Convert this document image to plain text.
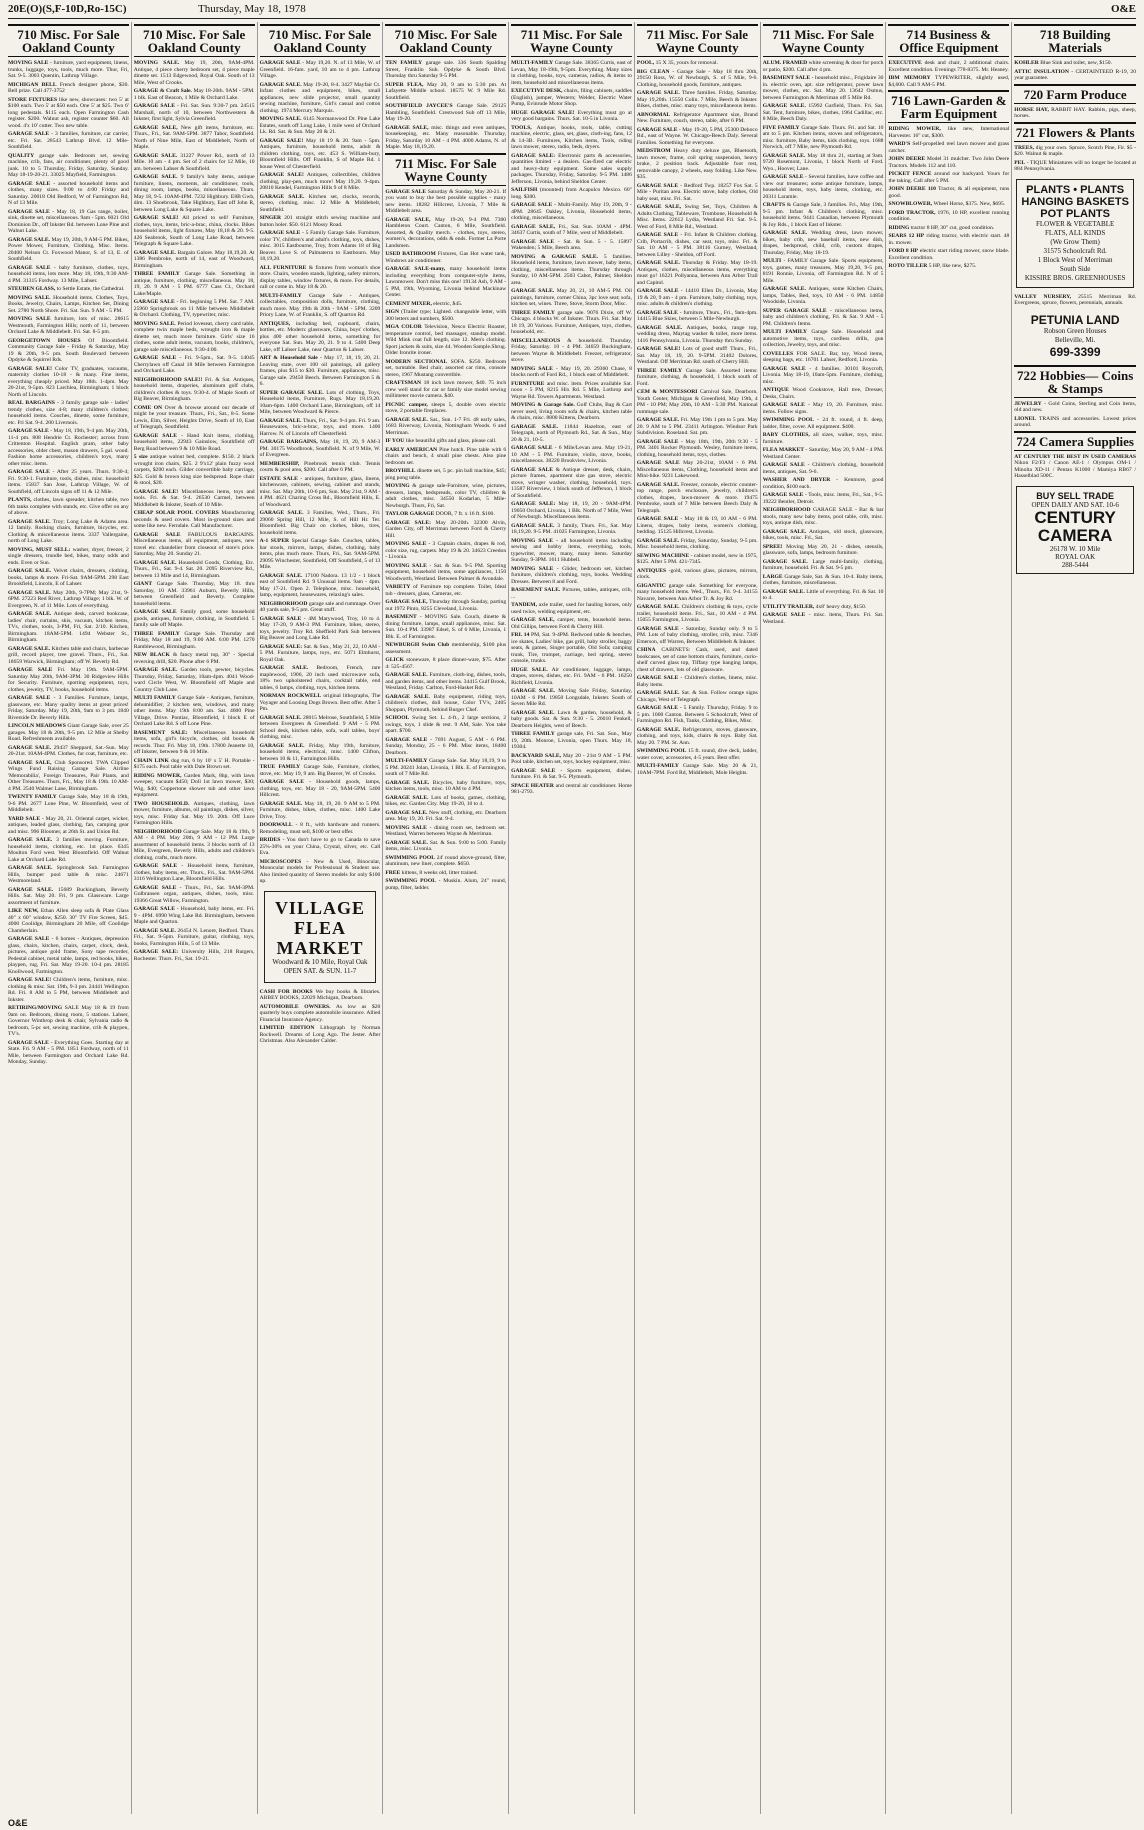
20E(O)(S,F-10D,Ro-15C)	Thursday, May 18, 1978	O&E
710 Misc. For Sale Oakland County
MOVING SALE - furniture, yard equipment, linens, trunks, luggage, toys, tools, much more. Thur, Fri, Sat. 9-5. 3003 Quentin, Lathrup Village.
MICHIGAN BELL French designer phone, $30. Bell prize. Call 477-3752
STORE FIXTURES like new, showcases: two 5' at $100 each. Two 5' at $50 each. One 5' at $25. Two 6' long pedestals. $115 each. Open Farmington Cash register. $200. Walnut ash, register counter $60. All wood. 4'x 10' cutter. Two new table.
GARAGE SALE - 3 families, furniture, car carrier, etc. Fri. Sat. 28543 Lathrup Blvd. 12 Mile-Southfield.
QUALITY garage sale. Bedroom set, sewing machine, crib, fans, air conditioner, plenty of good junk. 10 to 5 Thursday, Friday, Saturday, Sunday. May 18-19-20-21. 33025 Mayfield, Farmington.
GARAGE SALE - assorted household items and clothes, many sizes. 9:00 to 4:00 Friday and Saturday. 20018 Old Bedford, W of Farmington Rd, N of 13 Mile.
GARAGE SALE - May 18, 19 Gas range, boiler, sink, dinette set, miscellaneous. 9am - 5pm. 6021 Old Dominion Dr., off Inkster Rd. between Lone Pine and Walnut Lake.
GARAGE SALE. May 19, 20th, 9 AM-5 PM. Bikes, Power Mower, Furniture, Clothing, Misc. Items. 20400 Nelson Ct. Foxwood Manor, S. of 13, E. of Southfield.
GARAGE SALE - baby furniture, clothes, toys, household items, lots more. May 18, 19th, 9:30 AM- 4 PM. 31315 Fordway. 13 Mile, Lahser.
STEUBEN GLASS, to Settle Estate, the Cathedral.
MOVING SALE. Household items. Clothes, Toys, Books, Jewelry, Chairs, Lamps, Kitchen Set, Dining Set. 2780 North Shore. Fri. Sat. Sun. 9 AM - 5 PM.
MOVING SALE furniture, lots of misc. 28615 Westmouth, Farmington Hills; north of 11, between Orchard Lake & Middlebelt. Fri. Sat. 8-5 pm.
GEORGETOWN HOUSES Of Bloomfield. Community Garage Sale - Friday & Saturday, May 19 & 20th, 9-5 pm. South Boulevard between Opdyke & Squirrel Rds.
GARAGE SALE! Color TV, graduates, vacuums, maternity clothes 10-18 - & many. Fine items, everything cheaply priced. May 18th. 1-4pm. May 20-21st, 9-5pm. 823 Larchlea, Birmingham; 1 block North of Lincoln.
REAL BARGAINS - 3 family garage sale - ladies' trendy clothes, size 4-8; many children's clothes; household items. Couches, dinette, some furniture, etc. Fri Sat. 9-4. 200 Livernois.
GARAGE SALE - May 18, 19th, 9-4 pm. May 20th, 11-4 pm. 808 Hendrie Ct. Rochester; across from Crittenton Hospital. English pram, other baby accessories, older chest, mason drawers, 5 gal. wood. Fashion home accessories, children's toys, many other misc. items.
GARAGE SALE - After 25 years. Thurs. 9:30-4; Fri. 9:30-1. Furniture, tools, dishes, misc. household items. 15837 San Jose, Lathrup Village, W. of Southfield, off Lincoln signs off 11 & 12 Mile.
PLANTS, clothes, lawn spreader, kitchen table, two 6th tanks complete with stands, etc. Give offer on any of above.
GARAGE SALE. Troy; Long Lake & Adams area. 12 family. Rocking chairs, furniture, bicycles, etc. Clothing & miscellaneous items. 3337 Vallergaine, north of Long Lake.
MOVING, MUST SELL: washer, dryer, freezer, 2 single dressers, trundle bed, bikes, many odds and ends. Even or Sun.
GARAGE SALE. Velvet chairs, dressers, clothing, books, lamps & more. Fri-Sat. 9AM-5PM. 298 East Brookfield, Lincoln, E of Lahser.
GARAGE SALE. May 20th, 9-7PM; May 21st, 9-6PM. 27223 Red River, Lathrup Village; 1 blk. W. of Evergreen, N. of 11 Mile. Lots of everything.
GARAGE SALE. Antique desk, carved bookcase, ladies' chair, curtains, skis, vacuum, kitchen items, TVs, clothes, tools, 3-PM, Fri, Sat. 2/10. Kitchen, Birmingham. 18AM-5PM. 1494 Webster St., Birmingham.
GARAGE SALE. Kitchen table and chairs, barbecue grill, record player, tree gravel. Thurs., Fri., Sat. 18659 Warwick, Birmingham; off W. Beverly Rd.
GARAGE SALE Fri. May 19th. 9AM-5PM. Saturday May 20th, 9AM-3PM. 30 Ridgeview Hills for Security. Furniture, sporting equipment, toys, clothes, jewelry, TV, books, household items.
GARAGE SALE - 3 Families. Furniture, lamps, glassware, etc. Many quality items at great prices! Friday, Saturday. May 19, 20th, 9am to 3 pm. 1840 Riverside Dr. Beverly Hills.
LINCOLN MEADOWS Giant Garage Sale, over 25 garages. May 18 & 20th, 9-5 pm. 12 Mile at Shelby Road. Refreshments available.
GARAGE SALE. 29437 Sheppard, Sat.-Sun. May 20-21st. 10AM-4PM. Clothes, fur coat, furniture, etc.
GARAGE SALE, Club Sponsored. TWA Clipped Wings Fund Raising Garage Sale. Airline 'Memorabilia', Foreign Treasures, Pair Plants, and Other Treasures. Thurs, Fri., May 18 & 19th. 10 AM-4 PM. 2540 Walmer Lane, Birmingham.
TWENTY FAMILY Garage Sale, May 18 & 19th, 9-6 PM. 2677 Lone Pine, W. Bloomfield, west of Middlebelt.
YARD SALE - May 20, 21. Oriental carpet, wicker, antiques, leaded glass, clothing, fan, camping gear and misc. 996 Bloomer, at 26th St. and Union Rd.
GARAGE SALE. 3 families moving. Furniture, household items, clothing, etc. 1st place. 6345 Moulton Ford west. West Bloomfield. Off Walnut Lake at Orchard Lake Rd.
GARAGE SALE. Springbrook Sub. Farmington Hills, bumper pool table & misc. 24671 Westmoreland.
GARAGE SALE. 15689 Buckingham, Beverly Hills. Sat. May 20. Fri, 9 pm. Glassware. Large assortment of furniture.
LIKE NEW, Ethan Allen sleep sofa & Plate Glass 40" x 60" window, $250. 30" TV Fire Screen, $45. 4000 Coolidge, Birmingham 20 Mile, off Coolidge Chamberlain.
GARAGE SALE - 6 homes - Antiques, depression glass, chairs, kitchen, chairs, carpet, clock, desk, pictures, antique gold frame, Sony tape recorder, Pedestal cabinet, metal table, lamps, red books, bikes, playpen, rug, Fri. Sat. May 19-20. 10-4 pm. 28185 Knollwood, Farmington.
GARAGE SALE! Children's items, furniture, misc. clothing & misc. Sat. 19th, 9-3 pm. 24441 Wellington Rd. Fri. 8 AM to 5 PM, between Middlebelt and Inkster.
RETIRING/MOVING SALE May 18 & 19 from 9am on. Bedroom, dining room, 5 stations. Lahser, Governor Winthrop desk & chair, Sylvania radio & bedroom, 5-pc set, sewing machine, crib & playpen, TV's.
GARAGE SALE - Everything Goes. Starting day at State. Fri. 9 AM - 5 PM. 1851 Fordway, north of 11 Mile, between Farmington and Orchard Lake Rd. Monday, Sunday.
710 Misc. For Sale Oakland County
MOVING SALE. May 19, 20th, 9AM-4PM. Antique, 4 piece cherry bedroom set, 4 piece maple dinette set. 1513 Edgewood, Royal Oak. South of 13 Mile, West of Crooks.
GARAGE & Craft Sale. May 18-20th. 9AM - 5PM. 1 blk. East of Beacon, 1 Mile & Orchard Lake.
GARAGE SALE - Fri. Sat. Sun. 9:30-7 pm. 24515 Marshall, north of 10, between Northwestern & Inkster, first light, Sylvia Greenfield.
GARAGE SALE, New gift items, furniture, etc. Thurs., Fri., Sat. 9AM-5PM. 3877 Tabor, Southfield. North of Nine Mile, East of Middlebelt, North of Maple.
GARAGE SALE. 31227 Power Rd., north of 13 Mile. 10 am - 4 pm. Set of 2 chairs for 12 Mile, 10 am. between Lahser & Southfield.
GARAGE SALE. 9 family's baby items, antique furniture, linens, moments, air conditioner, tools, dining room, lamps, books, miscellaneous. Thurs. May 18, 9-5. 10AM-4PM. 7232 Highbury. E8B Gwb, dim. 13 Shoebrook, Take Highbury, East off John R, between Long Lake & Square Lake.
GARAGE SALE! All priced to sell! Furniture, clothes, toys, items, bric-a-brac, china, clocks. Bikes household items, light fixtures, May 18,18 & 20. 9-5. 426 Seabrook, South of Long Lake Road, between Telegraph & Square Lake.
GARAGE SALE. Bargain Galore. May 18,19,20. At 1386 Pembroke, north of 14, east of Woodward, Birmingham.
THREE FAMILY Garage Sale. Something in antique, furniture, clothing, miscellaneous. May 18, 19, 20. 9 AM - 5 PM. 6777 Cass Ct., Orchard Lake/Maple.
GARAGE SALE - Fri. beginning 5 PM. Sat. 7 AM. 25960 Springbrook on 11 Mile between Middlebelt & Orchard. Clothing, TV, typewriter, misc.
MOVING SALE. Period loveseat, cherry card table, complete twin maple beds, wrought iron & maple dinette set, much more furniture. Girls' size 16 clothes, some adult items, vacuum, books, children's, garage sale miscellaneous. 9:30-4:00.
GARAGE SALE - Fri. 9-5pm., Sat. 9-5. 14045 Cherrylawn off Canal 18 Mile between Farmington and Orchard Lake.
NEIGHBORHOOD SALE!! Fri. & Sat. Antiques, household items, draperies, aluminum golf clubs, children's clothes & toys. 9:30-4. of Maple South of Big Beaver, Birmingham.
COME ON Over & browse around our decade of might be your treasure. Thurs., Fri., Sat., 8-5. Some Lewis, Elm, Silver, Heights Drive, South of 10, East of Telegraph, Southfield.
GARAGE SALE - Hand Knit items, clothing, household items, 22943 Gainslow, Southfield off Berg Road between 9 & 10 Mile Road.
5 size antique walnut bed, complete. $150. 2 black wrought iron chairs, $25. 2 9'x12' plain fuzzy wool carpets, $200 each. Gilder convertible baby carriage, $25. Gold & brown king size bedspread. Rope chair & stool, $20.
GARAGE SALE! Miscellaneous items, toys and tools. Fri. & Sat. 9-4. 26530 Carmel, between Middlebelt & Inkster, South of 10 Mile.
CHEAP SOLAR POOL COVERS Manufacturing seconds & used covers. Most in-ground sizes and some like new. Ferndale. Call Manufacturer.
GARAGE SALE FABULOUS BARGAINS. Miscellaneous items, all equipment, antiques, new travel etc. chandelier from closeout of store's price. Saturday, May 20. Sunday 21.
GARAGE SALE. Household Goods, Clothing, Etc. Thurs., Fri., Sat. 9-4. Sat. 20. 2095 Riverview Rd., between 13 Mile and 14, Birmingham.
GIANT Garage Sale. Thursday, May 18. thru Saturday, 10 AM. 33961 Auburn, Beverly Hills, between Greenfield and Beverly. Complete household items.
GARAGE SALE Family good, some household goods, antiques, furniture, clothing, in Southfield. 5 family sale off Maple.
THREE FAMILY Garage Sale. Thursday and Friday, May 18 and 19, 9:00 AM. 6:00 PM. 1270 Ramblewood, Birmingham.
NEW BLACK & fancy metal top, 30" - Special reversing drill, $20. Phone after 6 PM.
GARAGE SALE. Garden tools, pewter, bicycles. Thursday, Friday, Saturday, 10am-4pm. 4041 Wood-ward Circle West, W. Bloomfield off Maple and Country Club Lane.
MULTI FAMILY Garage Sale - Antiques, furniture, dehumidifier, 2 kitchen sets, windows, and many other items. May 19th 8:00 am. Sat. 4600 Pine Village, Drive. Pontiac, Bloomfield, 1 block E of Orchard Lake Rd. S off Lone Pine.
BASEMENT SALE: Miscellaneous household items, sofa, girl's bicycle, clothes, old books & records. Thur. Fri. May 18, 19th. 17800 Jeanette 10, off Inkster, between 9 & 10 Mile.
CHAIN LINK dog run, 6 by 10' x 5' H. Portable - $175 each. Pool table with Dale Brown set.
RIDING MOWER, Garden Mark, 8hp, with lawn sweeper, vacuum $450; Doll 1st lawn mower, $30; Wig, $40; Coppertone shower tub and other lawn equipment.
TWO HOUSEHOLD. Antiques, clothing, lawn mower, furniture, albums, oil paintings, dishes, silver, toys, misc. Friday Sat. May 19. 20th. Off Luce Farmington Hills.
NEIGHBORHOOD Garage Sale. May 18 & 19th, 9 AM - 4 PM. May 20th, 9 AM - 12 PM. Large assortment of household items. 3 blocks north of 13 Mile, Evergreen, Beverly Hills, adults and children's clothing, crafts, much more.
GARAGE SALE - Household items, furniture, clothes, baby items, etc. Thurs., Fri., Sat. 9AM-5PM. 3116 Wellington Lane, Bloomfield Hills.
GARAGE SALE - Thurs., Fri., Sat. 9AM-3PM. Gulbransen organ, antiques, dishes, tools, misc. 19366 Great Willow, Farmington.
GARAGE SALE - Household, baby items, etc. Fri. 9 - 4PM. 6990 Wing Lake Rd. Birmingham, between Maple and Quarton.
GARAGE SALE. 26454 N. Lenore, Redford. Thurs. Fri., Sat. 9-5pm. Furniture, guitar, clothing, toys, books, Farmington Hills, 5 of 13 Mile.
GARAGE SALE: University Hills, 218 Rutgers, Rochester. Thurs. Fri., Sat. 19-21.
710 Misc. For Sale Oakland County
GARAGE SALE - May 19,20. N. of 13 Mile, W. of Greenfield. 16-fam. yard, 10 am to 4 pm. Lathrup Village.
GARAGE SALE. May 19-20, 8-4. 3427 Mayfair Ct. Infant clothes and equipment, bikes, small appliances, new slide projector, small quantity sewing machine, furniture, Girl's casual and cotton clothing. 1974 Mercury Marquis.
MOVING SALE. 6145 Normanwood Dr. Pine Lake Estates, south off Long Lake, 1 mile west of Orchard Lk. Rd. Sat. & Sun. May 20 & 21.
GARAGE SALE! May 18 19 & 20. 9am - 5pm. Antiques, furniture, household items, adult & children clothing, toys, etc. 453 S. William-bury, Bloomfield Hills. Off Franklin, S of Maple Rd. 1 house West of Chesterfield.
GARAGE SALE! Antiques, collectibles, children clothing, play-pen, much more! May 19,20. 9-4pm. 20810 Kendel, Farmington Hills 9 of 8 Mile.
GARAGE SALE. Kitchen set, clocks, records, stereo, clothing, misc. 12 Mile & Middlebelt, Southfield.
SINGER 201 straight stitch sewing machine and button holer. $50. 6121 Mossy Road.
GARAGE SALE - 5 Family Garage Sale. Furniture, color TV, children's and adult's clothing, toys, dishes, misc. 3015 Eastbourne, Troy, from Adams 18 of Big Beaver. Love S. of Palmaterra to Eastbourn. May 18,19,20.
ALL FURNITURE & fixtures from woman's shoe store. Chairs, wooden stands, lighting, safety mirrors, display tables, window fixtures, & more. For details, call or come in. May 18 & 20.
MULTI-FAMILY Garage Sale - Antiques, collectables, composition dolls, furniture, clothing, much more. May 19th & 20th - 9AM - 5PM. 3209 Priory Lane, W. of Franklin, S. off Quarton Rd.
ANTIQUES, including bed, cupboard, chairs, bottles, etc. Modern: glassware, China, boys' clothes, plus 400 other household items, something for everyone Sat. Sun. May 20, 21. 9 to 4. 5400 Deep Lake, off Lahser Lake, near Quarton & Lahser.
ART & Household Sale - May 17, 18, 19, 20, 21. Leaving state, over 100 oil paintings, all gallery frames, plus $15 to $30. Furniture, appliances, misc. Garage sale. 29450 Beech. Between Farmington 5 & 6.
SUPER GARAGE SALE. Lots of clothing, Toys, Household items, Furniture, Rugs. May 18,19,20. 10am-6pm. 1400 Orchard Lane, Birmingham, off 14 Mile, between Woodward & Pierce.
GARAGE SALE. Thurs, Fri., Sat. 9-4 pm. Fri. 9 am. Housewares, bric-a-brac, toys, and more. 1400 Harrow. N. of Lincoln off Chesterfield.
GARAGE BARGAINS, May 18, 19, 20, 9 AM-3 PM. 30175 Woodbrook, Southfield. N. of 9 Mile, W. of Evergreen.
MEMBERSHIP, Pinebrook tennis club. Tennis courts & pool area, $200. Call after 6 PM.
ESTATE SALE - antiques, furniture, glass, linens, kitchenware, cabinets, sewing, cabinet and stands, misc. Sat. May 20th, 10-6 pm, Sun. May 21st, 9 AM - 4 PM. 4621 Charing Cross Rd., Bloomfield Hills, E. of Woodward.
GARAGE SALE. 3 Families, Wed., Thurs., Fri. 29060 Spring Hill, 12 Mile, S. of Hill Hr. Ter. Bloomfield. Big Chair on clothes, bikes, tires, household items.
A-1 SUPER Special Garage Sale. Couches, tables, bar stools, mirrors, lamps, dishes, clothing, baby items, plus much more. Thurs, Fri., Sat. 9AM-5PM. 29095 Winchester, Southfield, Off Southfield, 5 of 13 Mile.
GARAGE SALE. 17100 Nadora. 13 1/2 - 1 block east of Southfield Rd. 9 Unusual items. 9am - 4pm. May 17-21. Open 2. Telephone, misc. household, lamp, equipment, housewares, relaxing's sales.
NEIGHBORHOOD garage sale and rummage. Over 40 yards sale, 9-5 pm. Great stuff.
GARAGE SALE - 4M Marywood, Troy, 10 to 4. May 17-20, 9 AM-3 PM. Furniture, bikes, stereo, toys, jewelry. Troy Rd. Sheffield Park Sub between Big Beaver and Long Lake Rd.
GARAGE SALE: Sat. & Sun., May 21, 22, 10 AM - 5 PM. Furniture, lamps, toys, etc. 5071 Elmhurst, Royal Oak.
GARAGE SALE. Bedroom, French, rare maplewood, 1906, 20 inch used microwave sofa, 18% two upholstered chairs, cocktail table, end tables, 6 lamps, clothing, toys, kitchen items.
NORMAN ROCKWELL original lithographs, The Voyager and Loosing Dogs Brown. Best offer. After 5 Pm.
GARAGE SALE. 28015 Melrose, Southfield, 5 Mile between Evergreen & Greenfield. 9 AM - 5 PM. School desk, kitchen table, sofa, wall tables, boys' clothing, misc.
GARAGE SALE. Friday, May 19th, furniture, household items, electrical, misc. 1400 Clifton, between 10 & 11, Farmington Hills.
TRUE FAMILY Garage Sale, Furniture, clothes, stove, etc. May 19, 9 am. Big Beaver, W. of Crooks.
GARAGE SALE - Household goods, lamps, clothing, toys, etc. May 18 - 20, 9AM-5PM. 5400 Hillcrest.
GARAGE SALE. May 18, 19, 20. 9 AM to 5 PM. Furniture, dishes, bikes, clothes, misc. 1400 Lake Drive, Troy.
DOORWALL - 8 ft., with hardware and runners. Remodeling, must sell, $100 or best offer.
BRIDES - You don't have to go to Canada to save 25%-30% on your China, Crystal, silver, etc. Call Eva.
MICROSCOPES - New & Used, Binocular, Monocular models for Professional & Student use. Also limited quantity of Stereo models for only $100 up.
VILLAGE FLEA MARKET
Woodward & 10 Mile, Royal Oak
OPEN SAT. & SUN. 11-7
CASH FOR BOOKS We buy books & libraries. ABBEY BOOKS, 22029 Michigan, Dearborn.
AUTOMOBILE OWNERS. As low as $20 quarterly buys complete automobile insurance. Allied Financial Insurance Agency.
LIMITED EDITION Lithograph by Norman Rockwell. Dreams of Long Ago. The Jester. After Christmas. Also Alexander Calder.
710 Misc. For Sale Oakland County
TEN FAMILY garage sale. 336 South Spalding Street, Franklin Sub. Opdyke & South Blvd. Thursday thru Saturday 9-5 PM.
SUPER FLEA, May 20, 9 am to 5:30 pm. At Lafayette Middle school. 18575 W. 9 Mile Rd. Southfield.
SOUTHFIELD JAYCEE'S Garage Sale. 29125 Hambling, Southfield. Crestwood Sub off 13 Mile, May 19-20.
GARAGE SALE, misc. things and even antiques, housekeeping, etc. Many reasonable. Thursday, Friday, Saturday 10 AM - 4 PM. 4000 Adams, N. of Maple. May 18,19,20.
711 Misc. For Sale Wayne County
GARAGE SALE Saturday & Sunday, May 20-21. If you want to buy the best possible supplies - many new items. 18282 Hillcrest, Livonia, 7 Mile & Middlebelt area.
GARAGE SALE, May 19-20, 9-4 PM. 7300 Hambleton Court. Canton, 6 Mile, Southfield. Assorted, & Quality merch. - clothes, toys, stereo, women's, decorations, odds & ends. Former La Porte Landsmen.
USED BATHROOM Fixtures, Gas Hot water tank, Windows air conditioner.
GARAGE SALE-many, many household items including everything from computer-style items, Lawnmower. Don't miss this one! 19134 Ash, 9 AM - 5 PM, 19th, Wyoming, Livonia behind Mackinaw Center.
CEMENT MIXER, electric, $45.
SIGN (Trailer type; Lighted. changeable letter, with 300 letters and numbers, $500.
MGA COLOR Television, Nesco Electric Roaster, temperature control, bed massager, standup model. Wild Mink coat full length, size 12. Men's clothing. Sport jackets & suits, size 44. Wooden Sample.Shrug. Older Ironrite ironer.
MODERN SECTIONAL SOFA. $250. Bedroom set, turntable. Bed chair, assorted car rims, console stereo, 1967 Mustang convertible.
CRAFTSMAN 18 inch lawn mower, $40. 75 inch crew well stand for car or family size model sewing millimeter movie camera. $40.
PICNIC camper, sleeps 5, double oven electric stove, 2 portable fireplaces.
GARAGE SALE. Sat., Sun. 1-7 Fri. 48 early sales, 1683 Riverway, Livonia, Nottingham Woods. 6 and Merriman.
IF YOU like beautiful gifts and glass, please call.
EARLY AMERICAN Pine hutch. Pine table with 6 chairs and bench, 4 small pine chests. Also pine bedroom set.
BROYHILL dinette set, 5 pc. pin ball machine, $45; ping pong table.
MOVING & garage sale-Furniture, wine, pictures, dressers, lamps, bedspreads, color TV, children & adult clothes, misc. 34550 Kodarlan, 5 Mile-Newburgh. Thurs, Fri, Sat.
TAYLOR GARAGE DOOR, 7 ft. x 16 ft. $100.
GARAGE SALE: May 20-20th. 32300 Alvin, Garden City, off Merriman between Ford & Cherry Hill.
MOVING SALE - 3 Captain chairs, drapes & rod, color size, rug, carpets. May 19 & 20. 34623 Creedon - Livonia.
MOVING SALE - Sat. & Sun. 9-5 PM. Sporting equipment, household items, some appliances, 1150 Woodworth, Westland. Between Palmer & Avondale.
VARIETY of Furniture top complete. Toilet, Ideal tub - dressers, glass, Cameras, etc.
GARAGE SALE, Thursday through Sunday, parting out 1972 Pinto, 8255 Cleveland, Livonia.
BASEMENT - MOVING Sale. Couch, dinette & dining furniture, lamps, small appliances, misc. Sat. Sun. 10-4 PM. 33987 Edsel, S. of 6 Mile, Livonia, 1 Blk. E. of Farmington.
NEWBURGH Swim Club membership, $100 plus assessment.
GLICK stoneware, 8 place dinner-ware, $75. After 4: 525-4567.
GARAGE SALE. Furniture, cloth-ing, dishes, tools, and garden items, and other items. 34415 Gulf Brook, Westland, Friday. Carlton, Ford-Hasket Rds.
GARAGE SALE. Baby equipment, riding toys, children's clothes, doll house, Color TV's, 2405 Shoppan, Plymouth, behind Burger Chef.
SCHOOL Swing Set. L. 4-ft., 2 large sections, 2 swings, toys, 1 slide & rest. 9 AM, Sale. You take apart. $700.
GARAGE SALE - 7691 August, 5 AM - 6 PM. Sunday, Monday, 25 - 6 PM. Misc items, 18400 Dearborn.
MULTI-FAMILY Garage Sale. Sat. May 18,19, 9 to 5 PM. 20241 Jolan, Livonia, 1 Blk. E. of Farmington, south of 7 Mile Rd.
GARAGE SALE. Bicycles, baby furniture, toys, kitchen items, tools, misc. 10 AM to 4 PM.
GARAGE SALE. Lots of books, games, clothing, bikes, etc. Garden City. May 19-20, 10 to 4.
GARAGE SALE. New stuff, clothing, etc. Dearborn area. May 19, 20. Fri. Sat. 9-4.
MOVING SALE - dining room set, bedroom set. Westland, Warren between Wayne & Merriman.
GARAGE SALE. Sat. & Sun. 9:00 to 5:00. Family items, misc. Livonia.
SWIMMING POOL 24' round above-ground, filter, aluminum, new liner, complete. $650.
FREE kittens, 8 weeks old, litter trained.
SWIMMING POOL - Muskin. Alum, 24" round, pump, filter, ladder.
711 Misc. For Sale Wayne County
MULTI-FAMILY Garage Sale. 38365 Curtis, east of Levan, May 18-19th, 9-5pm. Everything. Many sizes in clothing, books, toys, cameras, radios, & items to item, household and miscellaneous items.
EXECUTIVE DESK, chairs, filing cabinets, saddles (English), jumper, Western; Welder, Electric Water Pump, Evinrude Motor Shop.
HUGE GARAGE SALE! Everything must go at very good bargains. Thurs. Sat. 10-5 in Livonia.
TOOLS, Antique, books, tools, table, cutting machine, electric, glass, set, glass, cloth-ing, fans, 12 & 14-3B. Furnitures, Kitchen items, Tools, riding lawn mower, stereo, radio, beds, dryers.
GARAGE SALE: Electronic parts & accessories, quantities limited - a dealers. Gas-fired car electric and heavy-duty equipment. Some sales supply packages. Thursday, Friday, Saturday. 9-5 PM. 1486 Jefferson, Livonia, behind Sheldon Center.
SAILFISH (mounted) from Acapulco Mexico. 60" long. $300.
GARAGE SALE - Multi-Family. May 19, 20th, 9 - 4PM. 28645 Oakley, Livonia, Household items, clothing, miscellaneous.
GARAGE SALE, Fri., Sat. Sun. 10AM - 4PM. 34637 Curtis, south of 7 Mile, west of Middlebelt.
GARAGE SALE - Sat. & Sun. 5 - 5. 15897 Wakenden; 5 Mile, Beech area.
MOVING & GARAGE SALE. 5 families. Household items, furniture, lawn mower, baby items, clothing, miscellaneous items. Thursday through Sunday, 10 AM-5PM. 2503 Cabot, Palmer, Sheldon area.
GARAGE SALE. May 20, 21, 10 AM-5 PM. Oil paintings, furniture, corner China, 3pc love seat; sofa, kitchen set, wines. Three, Stove, Storm Door, Misc.
THREE FAMILY garage sale. 9076 Dixie, off W. Chicago. 4 blocks W. of Inkster. Thurs. Fri. Sat. May 18 19, 20 Various. Furniture, Antiques, toys, clothes, household, etc.
MISCELLANEOUS & household. Thursday, Friday, Saturday. 10 - 4 PM. 34659 Buckingham, between Wayne & Middlebelt. Freezer, refrigerator, stove.
MOVING SALE - May 19, 20. 29360 Chase, 8 blocks north of Ford Rd., 1 block east of Middlebelt.
FURNITURE and misc. item. Prices available Sat. noon - 5 PM, 8215 Hix Rd. 5 Mile, Lothrop and Wayne Rd. Towers Apartments. Westland.
MOVING & Garage Sale. Golf Clubs, Bag & Cart never used, living room sofa & chairs, kitchen table & chairs, misc. 8800 Kittens, Dearborn.
GARAGE SALE. 11844 Hazelton, east of Telegraph, north of Plymouth Rd., Sat. & Sun., May 20 & 21, 10-5.
GARAGE SALE - 6 Mile/Levan area. May 19-21, 10 AM - 5 PM. Furniture, violin, stove, books, miscellaneous. 38220 Brookview, Livonia.
GARAGE SALE & Antique dresser, desk, chairs, picture frames, apartment size gas stove, electric stove, wringer washer, clothing, household, toys. 13587 Riverview, 1 block south of Jefferson, 1 block of Southfield.
GARAGE SALE: May 18, 19, 20 - 9AM-4PM. 19050 Orchard, Livonia, 1 Blk. North of 7 Mile, West of Newburgh. Miscellaneous items.
GARAGE SALE. 3 family, Thurs. Fri., Sat. May 18,19,20. 9-5 PM. 41025 Farmington, Livonia.
MOVING SALE - all household items including sewing and hobby items, everything, tools, typewriter, mower, many, many items. Saturday Sunday, 9-3PM. 1611 Hubbell.
MOVING SALE - Glider, bedroom set, kitchen furniture, children's clothing, toys, books. Wedding Dresses. Between 8 and Ford.
BASEMENT SALE. Pictures, tables, antiques, crib, ...
TANDEM, axle trailer, used for hauling horses, only used twice, welding equipment, etc.
GARAGE SALE, camper, tents, household items. Old Gillips, between Ford & Cherry Hill.
FRI. 14 PM, Sat. 9-4PM. Redwood table & benches, ice skates, Ladies' bike, gas grill, baby stroller, baggy seats, & games, Singer portable, Old Sofa; camping trunk, Tire, trumpet, carriage, bed spring, stereo console, trunks.
HUGE SALE. Air conditioner, luggage, lamps, drapes, stoves, dishes, etc. Fri. 9AM - 6 PM. 16250 Richfield, Livonia.
GARAGE SALE. Moving Sale Friday, Saturday, 10AM - 6 PM. 19850 Longsdale, Inkster. South of Seven Mile Rd.
GARAGE SALE. Lawn & garden, household, & baby goods. Sat. & Sun. 9:30 - 5. 26010 Fenkell, Dearborn Heights, west of Beech.
THREE FAMILY garage sale, Fri. Sat. Sun., May 19, 20th. Monroe, Livonia, open Thurs. May 18, 19304.
BACKYARD SALE, May 20 - 21st 9 AM - 5 PM. Pool table, kitchen set, toys, hockey equipment, misc.
GARAGE SALE - Sports equipment, dishes, furniture. Fri. & Sat. 9-5. Plymouth.
SPACE HEATER and central air conditioner. Home 981-2793.
711 Misc. For Sale Wayne County
POOL, 15 X 35, yours for removal.
BIG CLEAN - Garage Sale - May 18 thru 20th, 29150 Ross, W. of Newburgh, S. of 5 Mile, 9-6. Clothing, household goods, furniture, antiques.
GARAGE SALE. Three families. Friday, Saturday. May 19,20th. 15550 Colin. 7 Mile, Beech & Inkster. Bikes, clothes, misc. many toys, miscellaneous items.
ABNORMAL Refrigerator Apartment size, Brand New. Furniture, couch, stereo, table, after 6 PM.
GARAGE SALE - May 19-20, 5 PM, 25300 Dehoco Rd., east of Wayne. W. Chicago-Beech Daly. Several Families. Something for everyone.
MEDSTROM Heavy duty deluxe gas, Bluetooth, lawn mower, frame, coil spring suspension, heavy brake, 2 position back. Adjustable foot rest, removable canopy, 2 wheels, easy folding. Like New. $35.
GARAGE SALE - Redford Twp. 18257 Fox Sat. 5 Mile - Puritan area. Electric stove, baby clothes, Old baby seat, misc. Fri. Sat.
GARAGE SALE, Swing Set, Toys, Children & Adults Clothing, Tableware, Trombone, Household & Misc. Items. 22612 Lydia, Westland Fri. Sat. 9-5. West of Ford, 8 Mile Rd., Westland.
GARAGE SALE - Fri. Infant & Children clothing. Crib, Portacrib, dishes, car seat, toys, misc. Fri. & Sat. 10 AM - 5 PM. 38116 Gurney, Westland, between Lilley - Sheldon, off Ford.
GARAGE SALE. Thursday & Friday. May 18-19. Antiques, clothes, miscellaneous items, everything must go! 16221 Pollyanna, between Ann Arbor Trail and Capitol.
GARAGE SALE - 14410 Ellen Dr., Livonia, May 19 & 20, 9 am - 4 pm. Furniture, baby clothing, toys, misc. adults & children's clothing.
GARAGE SALE - furniture, Thurs., Fri., 9am-4pm. 14415 Blue Skies, between 5 Mile-Newburgh.
GARAGE SALE. Antiques, books, range top, wedding dress, Maytag washer & toilet, more items. 1416 Pennsylvania, Livonia. Thursday thru Sunday.
GARAGE SALE! Lots of good stuff! Thurs., Fri., Sat. May 18, 19, 20. 9-5PM. 31402 Dolores, Westland. Off Merriman Rd. south of Cherry Hill.
THREE FAMILY Garage Sale. Assorted items: furniture, clothing, & household, 1 block south of Ford.
CEM & MONTESSORI Carnival Sale, Dearborn. Youth Center, Michigan & Greenfield, May 19th, 4 PM - 10 PM; May 20th, 10 AM - 5:30 PM. National rummage sale.
GARAGE SALE. Fri. May 19th 1 pm to 5 pm. May 20. 9 AM to 5 PM. 23411 Arlington. Windsor Park Subdivision. Roseland. Sat. pm.
GARAGE SALE - May 18th, 19th, 20th 9:30 - 5 PM. 3401 Rocker Plymouth. Wesley, furniture items, clothing, household items, toys, clothes.
GARAGE SALE May 20-21st, 10AM - 6 PM. Miscellaneous items, Clothing, household items and Mini-bike. 9231 Lakewood.
GARAGE SALE. Freezer, console, electric counter-top range, porch enclosure, jewelry, children's clothes, drapes, lawn-mower & more. 19475 Pembroke, south of 7 Mile between Beech Daly & Telegraph.
GARAGE SALE - May 18 & 19, 10 AM - 6 PM. Linens, drapes, baby items, women's clothing, bedding. 15125 Hillcrest, Livonia.
GARAGE SALE. Friday, Saturday, Sunday, 9-5 pm. Misc. household items, clothing.
SEWING MACHINE - cabinet model, new in 1975, $125. After 5 PM. 421-7345.
ANTIQUES -gold, various glass, pictures, mirrors, clock.
GIGANTIC garage sale. Something for everyone, many household items. Wed., Thurs., Fri. 9-4. 34155 Navarre, between Ann Arbor Tr. & Joy Rd.
GARAGE SALE. Children's clothing & toys, cycle trailer, household items. Fri., Sat., 10 AM - 4 PM. 15055 Farmington, Livonia.
GARAGE SALE - Saturday, Sunday only. 9 to 5 PM. Lots of baby clothing, stroller, crib, misc. 7346 Emerson, off Warren, Between Middlebelt & Inkster.
CHINA CABINETS: Cash, used, and dated bookcases, set of cane bottom chairs, furniture, curio-shelf curved glass top, Tiffany type hanging lamps, chest of drawers, lots of old glassware.
GARAGE SALE - Children's clothes, linens, misc. Baby items.
GARAGE SALE. Sat. & Sun. Follow orange signs Chicago, West of Telegraph.
GARAGE SALE - 5 Family. Thursday, Friday. 9 to 5 pm. 1000 Canton. Between 5 Schoolcraft, West of Farmington Rd. Fish, Tanks, Clothing, Bikes, Misc.
GARAGE SALE. Refrigerators, stoves, glassware, clothing, and toys, kids, chairs & toys. Baby Sat. May 20. 7 PM. St. Ann.
SWIMMING POOL 15 ft. round, dive deck, ladder, water cover, accessories, 4-5 years. Best offer.
MULTI-FAMILY Garage Sale. May 20 & 21, 10AM-7PM. Ford Rd, Middlebelt, Mole Heights.
711 Misc. For Sale Wayne County
ALUM. FRAMED white screening & door for porch or patio, $200. Call after 4 pm.
BASEMENT SALE - household misc., Frigidaire 30 in. electric oven, apt. size refrigerator, power lawn mower, clothes, etc. Sat. May 20. 13642 Osmus, between Farmington & Merriman off 5 Mile Rd.
GARAGE SALE. 15992 Garfield, Thurs. Fri. Sat. Sat. Tent, furniture, bikes, clothes, 1964 Cadillac, etc. 8 Mile, Beech Daly.
FIVE FAMILY Garage Sale. Thurs. Fri. and Sat. 10 am to 5 pm. Kitchen items, stoves and refrigerators, misc. furniture, Baby items, kids clothing, toys. 1688 Norwich, off 7 Mile, new Plymouth Rd.
GARAGE SALE. May 18 thru 21, starting at 9am. 9720 Rosemont, Livonia, 1 block North of Ford. Wyo., Hoover, Lane.
GARAGE SALE - Several families, have coffee and view our treasures; some antique furniture, lamps, household items, toys, baby items, clothing, etc. 20311 Laramie.
CRAFTS & Garage Sale, 3 families. Fri., May 19th, 9-5 pm. Infant & Children's clothing, misc. household items. 9441 Canadian, between Plymouth & Joy Rds., 1 block East of Inkster.
GARAGE SALE. Wedding dress, lawn mower, bikes, baby crib, new baseball items, new dish, drapes, bedspread, child, crib, custom drapes, Thursday, Friday, May 18-19.
MULTI - FAMILY Garage Sale. Sports equipment, toys, games, many treasures, May 19,20, 9-5 pm, 8191 Ronnie, Livonia, off Farmington Rd. N of 5 Mile.
GARAGE SALE. Antiques, some Kitchen Chairs, lamps, Tables, Bed, toys, 10 AM - 6 PM. 14850 Woodside, Livonia.
SUPER GARAGE SALE - miscellaneous items, baby and children's clothing, Fri. & Sat. 9 AM - 5 PM. Children's Items.
MULTI FAMILY Garage Sale. Household and automotive items, toys, cordless drills, gun collection, Jewelry, toys, and misc.
COVELLES FOR SALE. Bar, toy, Wood items, sleeping bags, etc. 16701 Lahser, Redford, Livonia.
GARAGE SALE - 4 families. 30101 Roycroft, Livonia. May 18-19, 10am-5pm. Furniture, clothing, misc.
ANTIQUE Wood Cookstove, Hall tree, Dresser, Desks, Chairs.
GARAGE SALE - May 19, 20. Furniture, misc. items. Follow signs.
SWIMMING POOL - 24 ft. round, 4 ft. deep, ladder, filter, cover. All equipment. $400.
BABY CLOTHES, all sizes, walker, toys, misc. furniture.
FLEA MARKET - Saturday, May 20, 9 AM - 4 PM. Westland Center.
GARAGE SALE - Children's clothing, household items, antiques, Sat. 9-6.
WASHER AND DRYER - Kenmore, good condition, $100 each.
GARAGE SALE - Tools, misc. items, Fri., Sat., 9-5. 19222 Bentler, Detroit.
NEIGHBORHOOD GARAGE SALE - Bar & bar stools, many new baby items, pool table, crib, misc. toys, antique dish, misc.
GARAGE SALE. Antiques, old stock, glassware, bikes, tools, misc. Fri., Sat.
SPREE! Moving May 20, 21 - dishes, utensils, glassware, sofa, lamps, bedroom furniture.
GARAGE SALE. Large multi-family, clothing, furniture, household. Fri. & Sat. 9-5 pm.
LARGE Garage Sale, Sat. & Sun. 10-4. Baby items, clothes, furniture, miscellaneous.
GARAGE SALE. Little of everything. Fri. & Sat. 10 to 4.
UTILITY TRAILER, 4x8' heavy duty, $150.
GARAGE SALE - misc. items, Thurs. Fri. Sat. Westland.
714 Business & Office Equipment
EXECUTIVE desk and chair, 2 additional chairs. Excellent condition. Evenings 778-8375. Mr. Heaney.
IBM MEMORY TYPEWRITER, slightly used, $4,600. Call 9 AM-5 PM.
716 Lawn-Garden & Farm Equipment
RIDING MOWER, like new, International Harvester. 16" cut, $300.
WARD'S Self-propelled reel lawn mower and grass catcher.
JOHN DEERE Model 31 mulcher. Two John Deere Tractors. Models 112 and 110.
PICKET FENCE around our backyard. Yours for the taking. Call after 5 PM.
JOHN DEERE 110 Tractor, & all equipment, runs good.
SNOWBLOWER, Wheel Horse, $375. New, $695.
FORD TRACTOR, 1976, 10 HP, excellent running condition.
RIDING tractor 8 HP, 30" cut, good condition.
SEARS 12 HP riding tractor, with electric start. 48 in. mower.
FORD 8 HP electric start riding mower, snow blade. Excellent condition.
ROTO TILLER 5 HP, like new, $275.
718 Building Materials
KOHLER Blue Sink and toilet, new, $150.
ATTIC INSULATION - CERTAINTEED R-19, 20 year guarantee.
720 Farm Produce
HORSE HAY, RABBIT HAY. Rabbits, pigs, sheep, horses.
721 Flowers & Plants
TREES, dig your own. Spruce, Scotch Pine, Fir. $5 - $20. Walnut & maple.
PEL - TIQUE Miniatures will no longer be located at 884 Pennsylvania.
PLANTS • PLANTS
HANGING BASKETS
POT PLANTS
FLOWER & VEGETABLE
FLATS, ALL KINDS
(We Grow Them)
31575 Schoolcraft Rd.
1 Block West of Merriman
South Side
KISSIRE BROS. GREENHOUSES
VALLEY NURSERY, 25515 Merriman Rd. Evergreens, spruce, flowers, perennials, annuals.
PETUNIA LAND
Robson Green Houses
Belleville, Mi.
699-3399
722 Hobbies— Coins & Stamps
JEWELRY - Gold Coins, Sterling and Coin items, old and new.
LIONEL TRAINS and accessories. Lowest prices around.
724 Camera Supplies
AT CENTURY THE BEST IN USED CAMERAS Nikon F2/F3 / Canon AE-1 / Olympus OM-1 / Minolta XD-11 / Pentax K1000 / Mamiya RB67 / Hasselblad 500C.
BUY SELL TRADE
OPEN DAILY AND SAT. 10-6
CENTURY
CAMERA
26178 W. 10 Mile
ROYAL OAK
288-5444
O&E
